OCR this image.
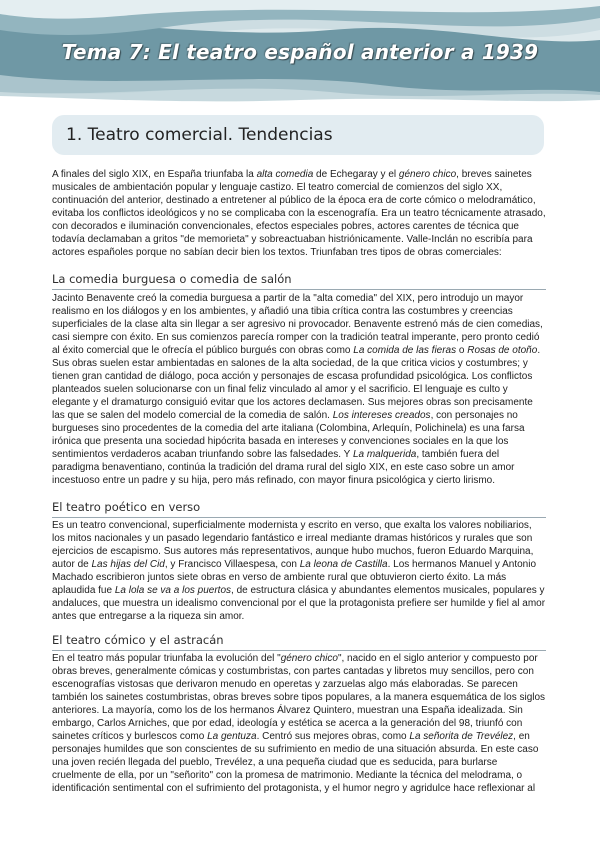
Tema 7: El teatro español anterior a 1939
1. Teatro comercial. Tendencias

A finales del siglo XIX, en España triunfaba la alta comedia de Echegaray y el género chico, breves sainetes musicales de ambientación popular y lenguaje castizo. El teatro comercial de comienzos del siglo XX, continuación del anterior, destinado a entretener al público de la época era de corte cómico o melodramático, evitaba los conflictos ideológicos y no se complicaba con la escenografía. Era un teatro técnicamente atrasado, con decorados e iluminación convencionales, efectos especiales pobres, actores carentes de técnica que todavía declamaban a gritos "de memorieta" y sobreactuaban histriónicamente. Valle-Inclán no escribía para actores españoles porque no sabían decir bien los textos. Triunfaban tres tipos de obras comerciales:

La comedia burguesa o comedia de salón

Jacinto Benavente creó la comedia burguesa a partir de la "alta comedia" del XIX, pero introdujo un mayor realismo en los diálogos y en los ambientes, y añadió una tibia crítica contra las costumbres y creencias superficiales de la clase alta sin llegar a ser agresivo ni provocador. Benavente estrenó más de cien comedias, casi siempre con éxito. En sus comienzos parecía romper con la tradición teatral imperante, pero pronto cedió al éxito comercial que le ofrecía el público burgués con obras como La comida de las fieras o Rosas de otoño. Sus obras suelen estar ambientadas en salones de la alta sociedad, de la que critica vicios y costumbres; y tienen gran cantidad de diálogo, poca acción y personajes de escasa profundidad psicológica. Los conflictos planteados suelen solucionarse con un final feliz vinculado al amor y el sacrificio. El lenguaje es culto y elegante y el dramaturgo consiguió evitar que los actores declamasen. Sus mejores obras son precisamente las que se salen del modelo comercial de la comedia de salón. Los intereses creados, con personajes no burgueses sino procedentes de la comedia del arte italiana (Colombina, Arlequín, Polichinela) es una farsa irónica que presenta una sociedad hipócrita basada en intereses y convenciones sociales en la que los sentimientos verdaderos acaban triunfando sobre las falsedades. Y La malquerida, también fuera del paradigma benaventiano, continúa la tradición del drama rural del siglo XIX, en este caso sobre un amor incestuoso entre un padre y su hija, pero más refinado, con mayor finura psicológica y cierto lirismo.

El teatro poético en verso

Es un teatro convencional, superficialmente modernista y escrito en verso, que exalta los valores nobiliarios, los mitos nacionales y un pasado legendario fantástico e irreal mediante dramas históricos y rurales que son ejercicios de escapismo. Sus autores más representativos, aunque hubo muchos, fueron Eduardo Marquina, autor de Las hijas del Cid, y Francisco Villaespesa, con La leona de Castilla. Los hermanos Manuel y Antonio Machado escribieron juntos siete obras en verso de ambiente rural que obtuvieron cierto éxito. La más aplaudida fue La lola se va a los puertos, de estructura clásica y abundantes elementos musicales, populares y andaluces, que muestra un idealismo convencional por el que la protagonista prefiere ser humilde y fiel al amor antes que entregarse a la riqueza sin amor.

El teatro cómico y el astracán

En el teatro más popular triunfaba la evolución del "género chico", nacido en el siglo anterior y compuesto por obras breves, generalmente cómicas y costumbristas, con partes cantadas y libretos muy sencillos, pero con escenografías vistosas que derivaron menudo en operetas y zarzuelas algo más elaboradas. Se parecen también los sainetes costumbristas, obras breves sobre tipos populares, a la manera esquemática de los siglos anteriores. La mayoría, como los de los hermanos Álvarez Quintero, muestran una España idealizada. Sin embargo, Carlos Arniches, que por edad, ideología y estética se acerca a la generación del 98, triunfó con sainetes críticos y burlescos como La gentuza. Centró sus mejores obras, como La señorita de Trevélez, en personajes humildes que son conscientes de su sufrimiento en medio de una situación absurda. En este caso una joven recién llegada del pueblo, Trevélez, a una pequeña ciudad que es seducida, para burlarse cruelmente de ella, por un "señorito" con la promesa de matrimonio. Mediante la técnica del melodrama, o identificación sentimental con el sufrimiento del protagonista, y el humor negro y agridulce hace reflexionar al
